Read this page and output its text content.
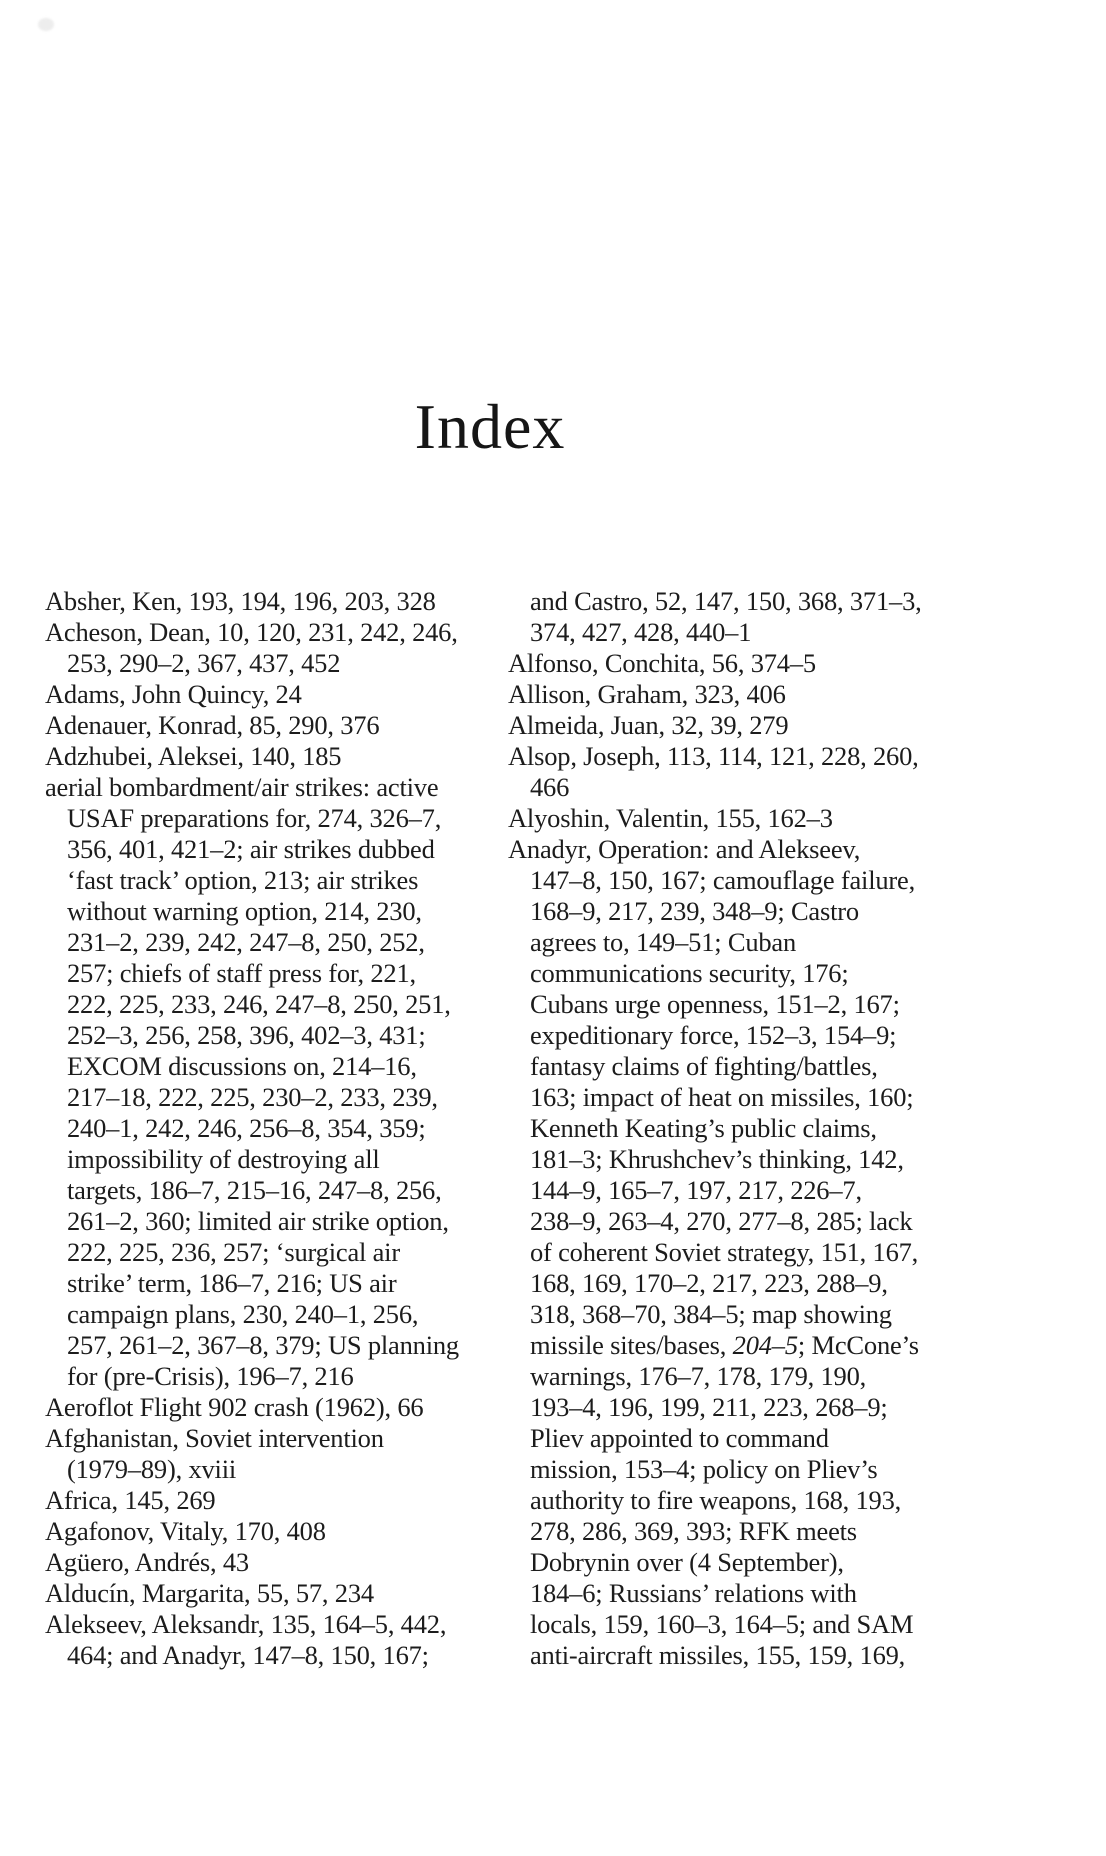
Index
Absher, Ken, 193, 194, 196, 203, 328
Acheson, Dean, 10, 120, 231, 242, 246,
253, 290–2, 367, 437, 452
Adams, John Quincy, 24
Adenauer, Konrad, 85, 290, 376
Adzhubei, Aleksei, 140, 185
aerial bombardment/air strikes: active
USAF preparations for, 274, 326–7,
356, 401, 421–2; air strikes dubbed
‘fast track’ option, 213; air strikes
without warning option, 214, 230,
231–2, 239, 242, 247–8, 250, 252,
257; chiefs of staff press for, 221,
222, 225, 233, 246, 247–8, 250, 251,
252–3, 256, 258, 396, 402–3, 431;
EXCOM discussions on, 214–16,
217–18, 222, 225, 230–2, 233, 239,
240–1, 242, 246, 256–8, 354, 359;
impossibility of destroying all
targets, 186–7, 215–16, 247–8, 256,
261–2, 360; limited air strike option,
222, 225, 236, 257; ‘surgical air
strike’ term, 186–7, 216; US air
campaign plans, 230, 240–1, 256,
257, 261–2, 367–8, 379; US planning
for (pre-Crisis), 196–7, 216
Aeroflot Flight 902 crash (1962), 66
Afghanistan, Soviet intervention
(1979–89), xviii
Africa, 145, 269
Agafonov, Vitaly, 170, 408
Agüero, Andrés, 43
Alducín, Margarita, 55, 57, 234
Alekseev, Aleksandr, 135, 164–5, 442,
464; and Anadyr, 147–8, 150, 167;
and Castro, 52, 147, 150, 368, 371–3,
374, 427, 428, 440–1
Alfonso, Conchita, 56, 374–5
Allison, Graham, 323, 406
Almeida, Juan, 32, 39, 279
Alsop, Joseph, 113, 114, 121, 228, 260,
466
Alyoshin, Valentin, 155, 162–3
Anadyr, Operation: and Alekseev,
147–8, 150, 167; camouflage failure,
168–9, 217, 239, 348–9; Castro
agrees to, 149–51; Cuban
communications security, 176;
Cubans urge openness, 151–2, 167;
expeditionary force, 152–3, 154–9;
fantasy claims of fighting/battles,
163; impact of heat on missiles, 160;
Kenneth Keating’s public claims,
181–3; Khrushchev’s thinking, 142,
144–9, 165–7, 197, 217, 226–7,
238–9, 263–4, 270, 277–8, 285; lack
of coherent Soviet strategy, 151, 167,
168, 169, 170–2, 217, 223, 288–9,
318, 368–70, 384–5; map showing
missile sites/bases, 204–5; McCone’s
warnings, 176–7, 178, 179, 190,
193–4, 196, 199, 211, 223, 268–9;
Pliev appointed to command
mission, 153–4; policy on Pliev’s
authority to fire weapons, 168, 193,
278, 286, 369, 393; RFK meets
Dobrynin over (4 September),
184–6; Russians’ relations with
locals, 159, 160–3, 164–5; and SAM
anti-aircraft missiles, 155, 159, 169,
